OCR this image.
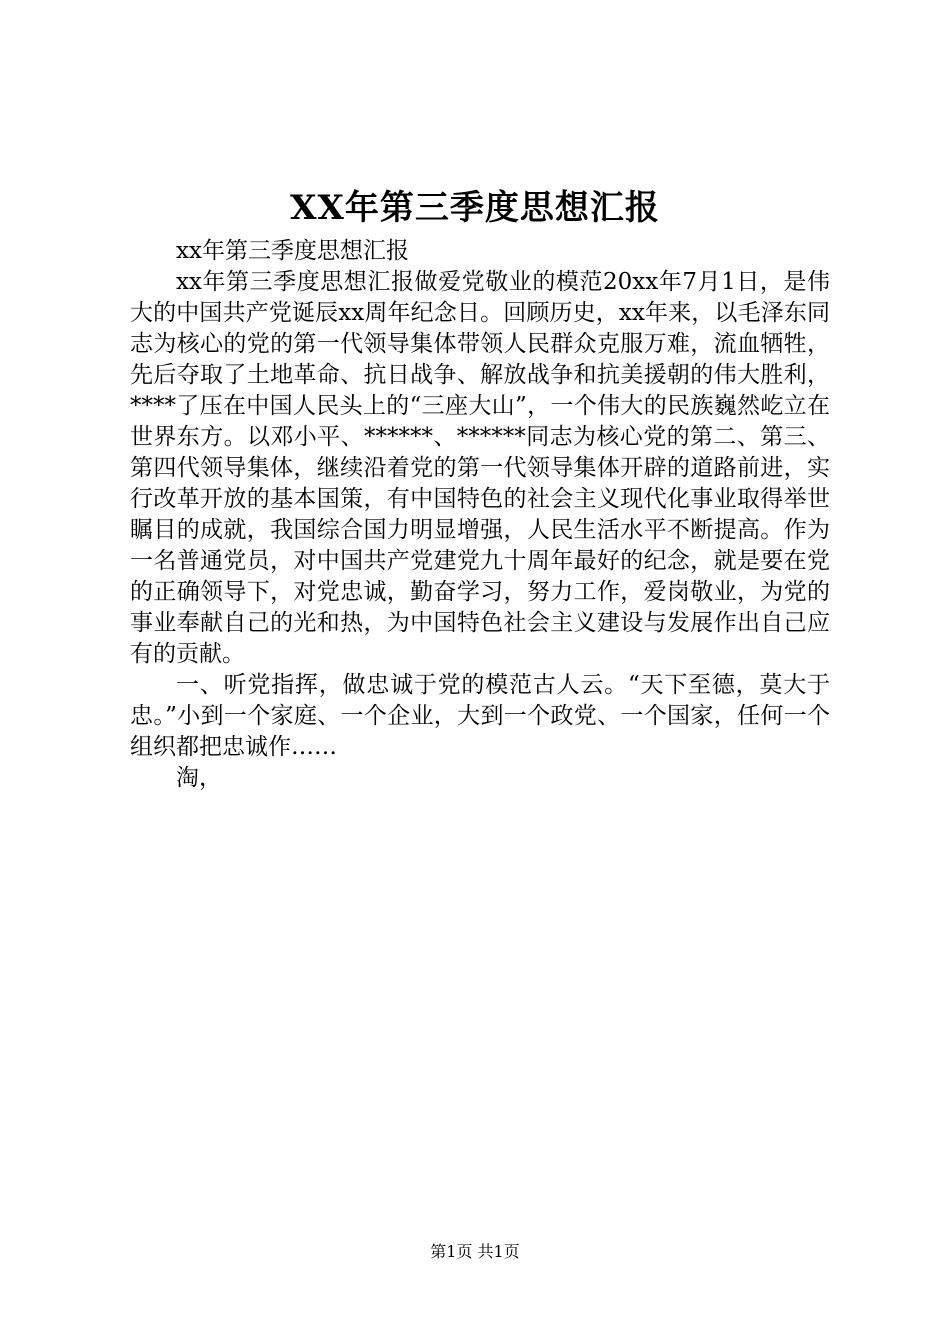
XX年第三季度思想汇报

xx年第三季度思想汇报

xx年第三季度思想汇报做爱党敬业的模范20xx年7月1日，是伟大的中国共产党诞辰xx周年纪念日。回顾历史，xx年来，以毛泽东同志为核心的党的第一代领导集体带领人民群众克服万难，流血牺牲，先后夺取了土地革命、抗日战争、解放战争和抗美援朝的伟大胜利，****了压在中国人民头上的“三座大山”，一个伟大的民族巍然屹立在世界东方。以邓小平、******、******同志为核心党的第二、第三、第四代领导集体，继续沿着党的第一代领导集体开辟的道路前进，实行改革开放的基本国策，有中国特色的社会主义现代化事业取得举世瞩目的成就，我国综合国力明显增强，人民生活水平不断提高。作为一名普通党员，对中国共产党建党九十周年最好的纪念，就是要在党的正确领导下，对党忠诚，勤奋学习，努力工作，爱岗敬业，为党的事业奉献自己的光和热，为中国特色社会主义建设与发展作出自己应有的贡献。

一、听党指挥，做忠诚于党的模范古人云。“天下至德，莫大于忠。”小到一个家庭、一个企业，大到一个政党、一个国家，任何一个组织都把忠诚作……

淘，

第1页 共1页
